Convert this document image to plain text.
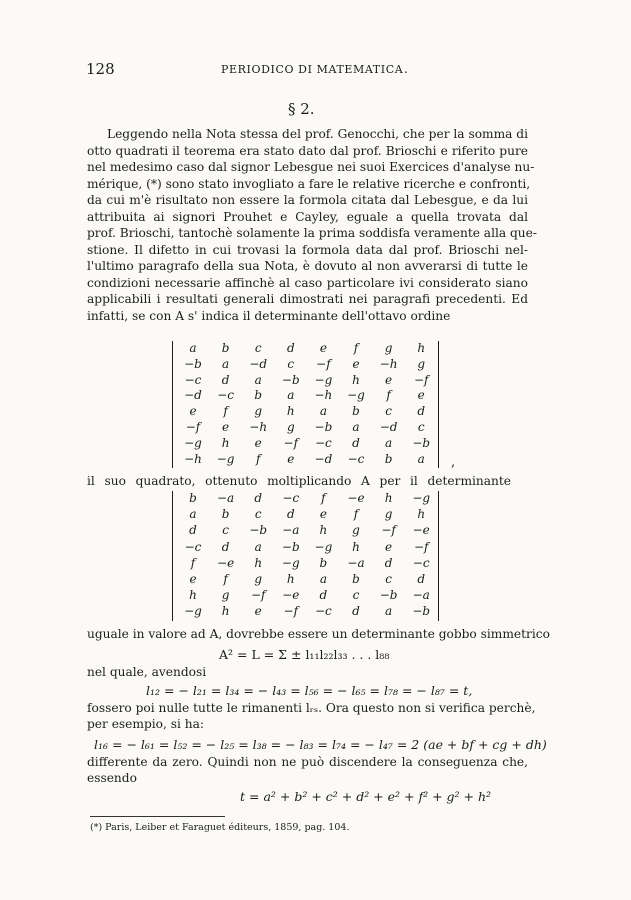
128	PERIODICO DI MATEMATICA .
§ 2.
Leggendo nella Nota stessa del prof. Genocchi, che per la somma di
otto quadrati il teorema era stato dato dal prof. Brioschi e riferito pure
nel medesimo caso dal signor Lebesgue nei suoi Exercices d'analyse nu-
mérique, (*) sono stato invogliato a fare le relative ricerche e confronti,
da cui m'è risultato non essere la formola citata dal Lebesgue, e da lui
attribuita ai signori Prouhet e Cayley, eguale a quella trovata dal
prof. Brioschi, tantochè solamente la prima soddisfa veramente alla que-
stione. Il difetto in cui trovasi la formola data dal prof. Brioschi nel-
l'ultimo paragrafo della sua Nota, è dovuto al non avverarsi di tutte le
condizioni necessarie affinchè al caso particolare ivi considerato siano
applicabili i resultati generali dimostrati nei paragrafi precedenti. Ed
infatti, se con A s' indica il determinante dell'ottavo ordine
a	b	c	d	e	f	g	h
−b	a	−d	c	−f	e	−h	g
−c	d	a	−b	−g	h	e	−f
−d	−c	b	a	−h	−g	f	e
e	f	g	h	a	b	c	d
−f	e	−h	g	−b	a	−d	c
−g	h	e	−f	−c	d	a	−b
−h	−g	f	e	−d	−c	b	a	,
il suo quadrato, ottenuto moltiplicando A per il determinante
b	−a	d	−c	f	−e	h	−g
a	b	c	d	e	f	g	h
d	c	−b	−a	h	g	−f	−e
−c	d	a	−b	−g	h	e	−f
f	−e	h	−g	b	−a	d	−c
e	f	g	h	a	b	c	d
h	g	−f	−e	d	c	−b	−a
−g	h	e	−f	−c	d	a	−b
uguale in valore ad A, dovrebbe essere un determinante gobbo simmetrico
A² = L = Σ ± l₁₁l₂₂l₃₃ . . . l₈₈
nel quale, avendosi
l₁₂ = − l₂₁ = l₃₄ = − l₄₃ = l₅₆ = − l₆₅ = l₇₈ = − l₈₇ = t,
fossero poi nulle tutte le rimanenti lᵣₛ. Ora questo non si verifica perchè,
per esempio, si ha:
l₁₆ = − l₆₁ = l₅₂ = − l₂₅ = l₃₈ = − l₈₃ = l₇₄ = − l₄₇ = 2 (ae + bf + cg + dh)
differente da zero. Quindi non ne può discendere la conseguenza che,
essendo
t = a² + b² + c² + d² + e² + f² + g² + h²
(*) Paris, Leiber et Faraguet éditeurs, 1859, pag. 104.
